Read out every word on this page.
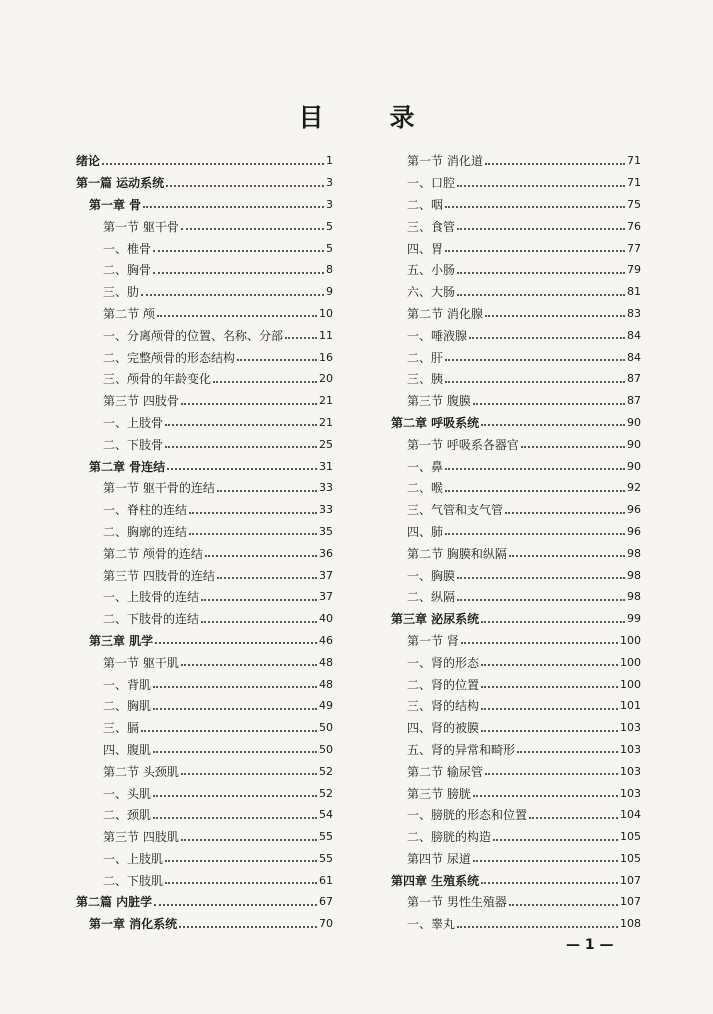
目	录
绪论	1
第一篇 运动系统	3
第一章 骨	3
第一节 躯干骨	5
一、椎骨	5
二、胸骨	8
三、肋	9
第二节 颅	10
一、分离颅骨的位置、名称、分部	11
二、完整颅骨的形态结构	16
三、颅骨的年龄变化	20
第三节 四肢骨	21
一、上肢骨	21
二、下肢骨	25
第二章 骨连结	31
第一节 躯干骨的连结	33
一、脊柱的连结	33
二、胸廓的连结	35
第二节 颅骨的连结	36
第三节 四肢骨的连结	37
一、上肢骨的连结	37
二、下肢骨的连结	40
第三章 肌学	46
第一节 躯干肌	48
一、背肌	48
二、胸肌	49
三、膈	50
四、腹肌	50
第二节 头颈肌	52
一、头肌	52
二、颈肌	54
第三节 四肢肌	55
一、上肢肌	55
二、下肢肌	61
第二篇 内脏学	67
第一章 消化系统	70
第一节 消化道	71
一、口腔	71
二、咽	75
三、食管	76
四、胃	77
五、小肠	79
六、大肠	81
第二节 消化腺	83
一、唾液腺	84
二、肝	84
三、胰	87
第三节 腹膜	87
第二章 呼吸系统	90
第一节 呼吸系各器官	90
一、鼻	90
二、喉	92
三、气管和支气管	96
四、肺	96
第二节 胸膜和纵隔	98
一、胸膜	98
二、纵隔	98
第三章 泌尿系统	99
第一节 肾	100
一、肾的形态	100
二、肾的位置	100
三、肾的结构	101
四、肾的被膜	103
五、肾的异常和畸形	103
第二节 输尿管	103
第三节 膀胱	103
一、膀胱的形态和位置	104
二、膀胱的构造	105
第四节 尿道	105
第四章 生殖系统	107
第一节 男性生殖器	107
一、睾丸	108
— 1 —
